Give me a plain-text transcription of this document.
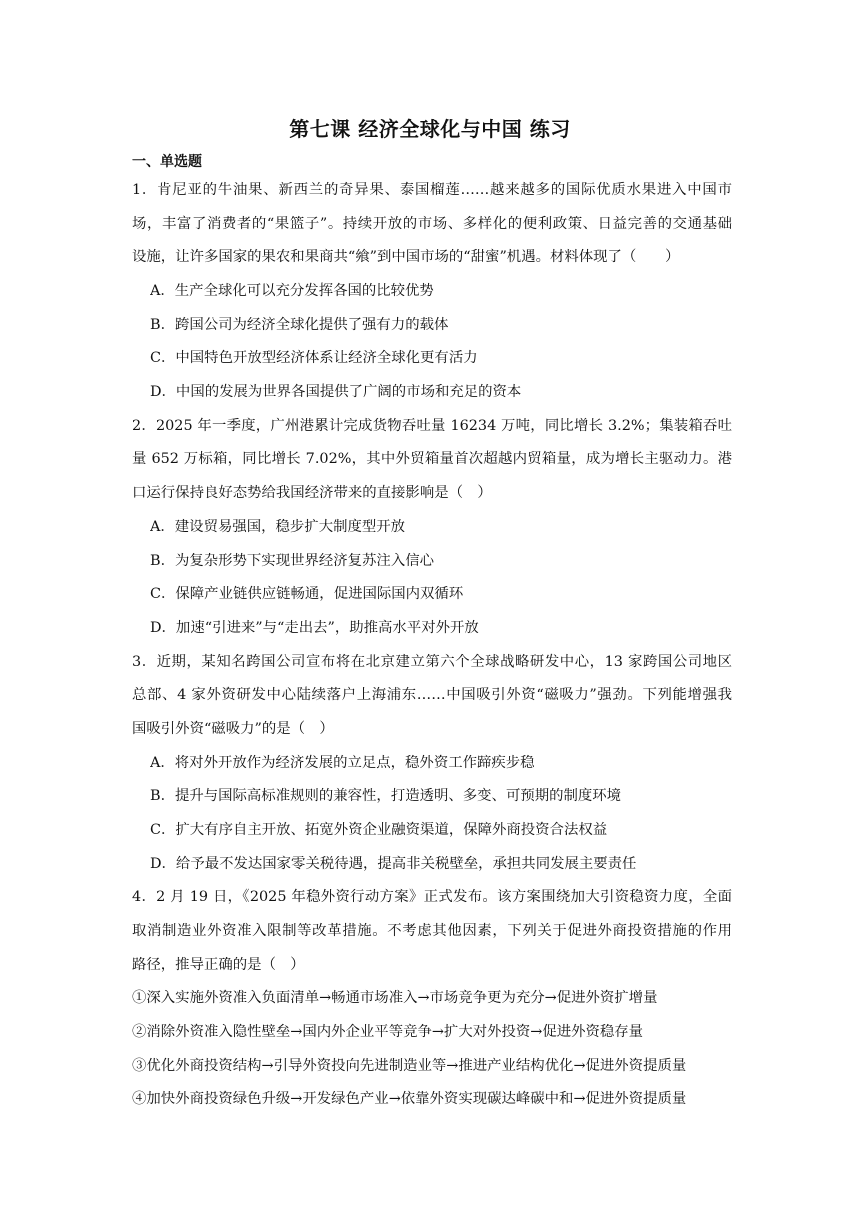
第七课 经济全球化与中国 练习
一、单选题
1．肯尼亚的牛油果、新西兰的奇异果、泰国榴莲……越来越多的国际优质水果进入中国市
场，丰富了消费者的“果篮子”。持续开放的市场、多样化的便利政策、日益完善的交通基础
设施，让许多国家的果农和果商共“飨”到中国市场的“甜蜜”机遇。材料体现了（　　）
A．生产全球化可以充分发挥各国的比较优势
B．跨国公司为经济全球化提供了强有力的载体
C．中国特色开放型经济体系让经济全球化更有活力
D．中国的发展为世界各国提供了广阔的市场和充足的资本
2．2025 年一季度，广州港累计完成货物吞吐量 16234 万吨，同比增长 3.2%；集装箱吞吐
量 652 万标箱，同比增长 7.02%，其中外贸箱量首次超越内贸箱量，成为增长主驱动力。港
口运行保持良好态势给我国经济带来的直接影响是（　）
A．建设贸易强国，稳步扩大制度型开放
B．为复杂形势下实现世界经济复苏注入信心
C．保障产业链供应链畅通，促进国际国内双循环
D．加速“引进来”与“走出去”，助推高水平对外开放
3．近期，某知名跨国公司宣布将在北京建立第六个全球战略研发中心，13 家跨国公司地区
总部、4 家外资研发中心陆续落户上海浦东……中国吸引外资“磁吸力”强劲。下列能增强我
国吸引外资“磁吸力”的是（　）
A．将对外开放作为经济发展的立足点，稳外资工作蹄疾步稳
B．提升与国际高标准规则的兼容性，打造透明、多变、可预期的制度环境
C．扩大有序自主开放、拓宽外资企业融资渠道，保障外商投资合法权益
D．给予最不发达国家零关税待遇，提高非关税壁垒，承担共同发展主要责任
4．2 月 19 日，《2025 年稳外资行动方案》正式发布。该方案围绕加大引资稳资力度，全面
取消制造业外资准入限制等改革措施。不考虑其他因素，下列关于促进外商投资措施的作用
路径，推导正确的是（　）
①深入实施外资准入负面清单→畅通市场准入→市场竞争更为充分→促进外资扩增量
②消除外资准入隐性壁垒→国内外企业平等竞争→扩大对外投资→促进外资稳存量
③优化外商投资结构→引导外资投向先进制造业等→推进产业结构优化→促进外资提质量
④加快外商投资绿色升级→开发绿色产业→依靠外资实现碳达峰碳中和→促进外资提质量
